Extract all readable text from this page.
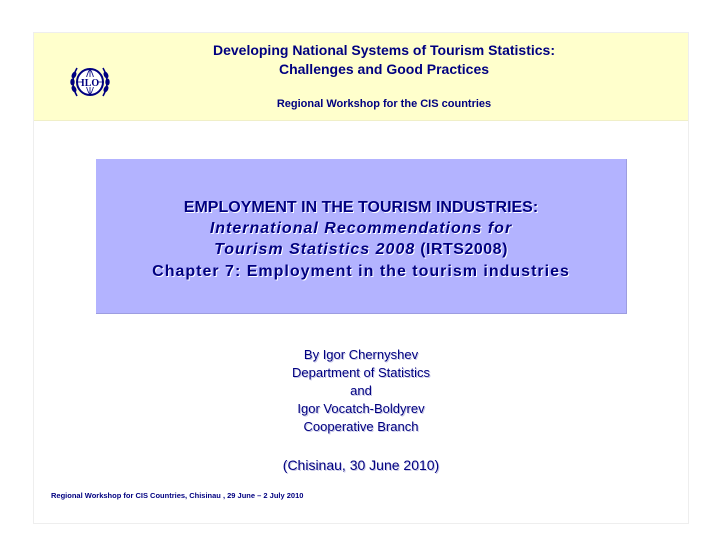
ILO
Developing National Systems of Tourism Statistics:
Challenges and Good Practices
Regional Workshop for the CIS countries
EMPLOYMENT IN THE TOURISM INDUSTRIES:
International Recommendations for
Tourism Statistics 2008 (IRTS2008)
Chapter 7: Employment in the tourism industries
By Igor Chernyshev
Department of Statistics
and
Igor Vocatch-Boldyrev
Cooperative Branch
(Chisinau, 30 June 2010)
Regional Workshop for CIS Countries, Chisinau , 29 June – 2 July 2010
